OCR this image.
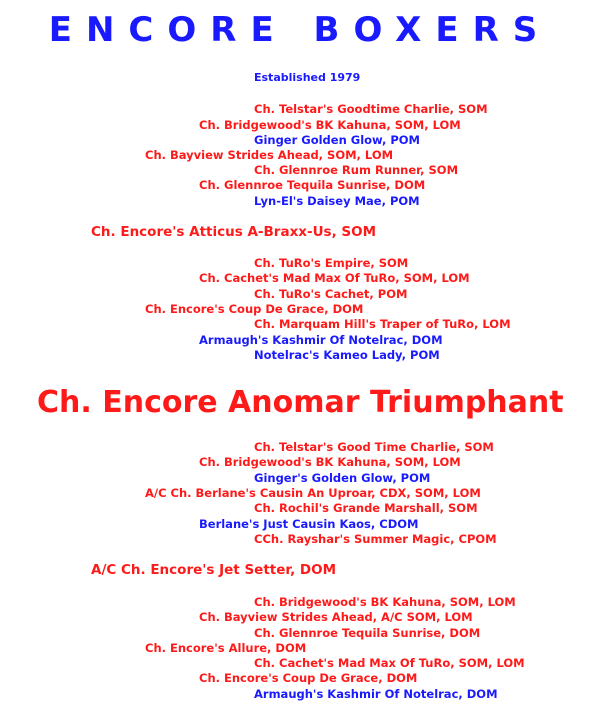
ENCORE BOXERS
Established 1979
Ch. Telstar's Goodtime Charlie, SOM
Ch. Bridgewood's BK Kahuna, SOM, LOM
Ginger Golden Glow, POM
Ch. Bayview Strides Ahead, SOM, LOM
Ch. Glennroe Rum Runner, SOM
Ch. Glennroe Tequila Sunrise, DOM
Lyn-El's Daisey Mae, POM
Ch. Encore's Atticus A-Braxx-Us, SOM
Ch. TuRo's Empire, SOM
Ch. Cachet's Mad Max Of TuRo, SOM, LOM
Ch. TuRo's Cachet, POM
Ch. Encore's Coup De Grace, DOM
Ch. Marquam Hill's Traper of TuRo, LOM
Armaugh's Kashmir Of Notelrac, DOM
Notelrac's Kameo Lady, POM
Ch. Encore Anomar Triumphant
Ch. Telstar's Good Time Charlie, SOM
Ch. Bridgewood's BK Kahuna, SOM, LOM
Ginger's Golden Glow, POM
A/C Ch. Berlane's Causin An Uproar, CDX, SOM, LOM
Ch. Rochil's Grande Marshall, SOM
Berlane's Just Causin Kaos, CDOM
CCh. Rayshar's Summer Magic, CPOM
A/C Ch. Encore's Jet Setter, DOM
Ch. Bridgewood's BK Kahuna, SOM, LOM
Ch. Bayview Strides Ahead, A/C SOM, LOM
Ch. Glennroe Tequila Sunrise, DOM
Ch. Encore's Allure, DOM
Ch. Cachet's Mad Max Of TuRo, SOM, LOM
Ch. Encore's Coup De Grace, DOM
Armaugh's Kashmir Of Notelrac, DOM
